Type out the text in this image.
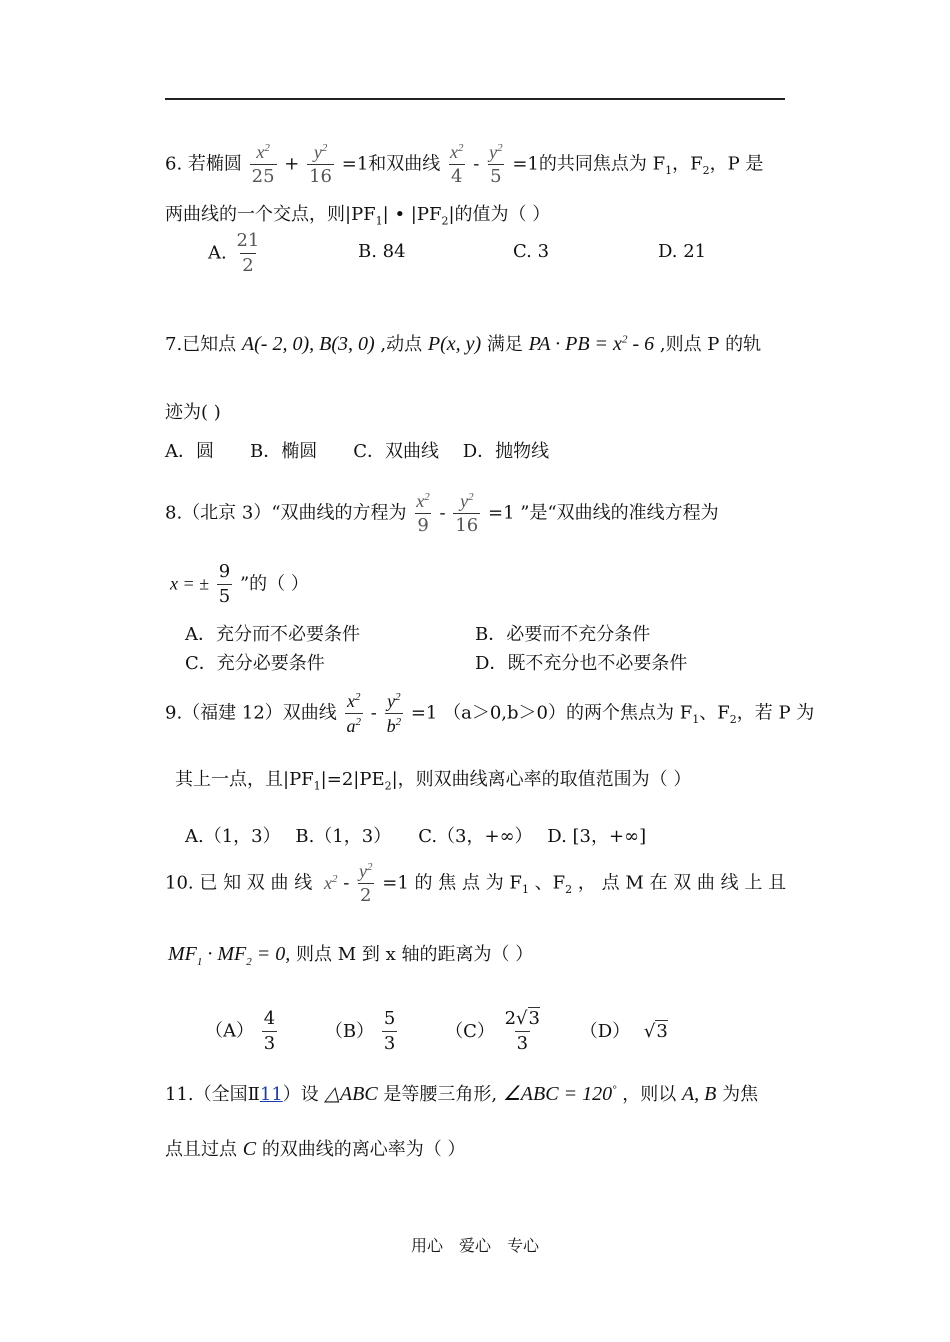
6. 若椭圆 $\frac{x^2}{25} + \frac{y^2}{16} =1$和双曲线 $\frac{x^2}{4} - \frac{y^2}{5} =1$的共同焦点为 $F_1$，$F_2$，P 是
两曲线的一个交点，则$|PF_1|$ • $|PF_2|$的值为（ ）
A. $\frac{21}{2}$	B. 84	C. 3	D. 21
7.已知点 A(- 2, 0), B(3, 0) ,动点 P(x, y) 满足 PA · PB = $x^2 - 6$ ,则点 P 的轨
迹为( )
A．圆　　B．椭圆　　C．双曲线　 D．抛物线
8.（北京 3）“双曲线的方程为 $\frac{x^2}{9} - \frac{y^2}{16} =1$ ”是“双曲线的准线方程为
x = ± $\frac{9}{5}$ ”的（ ）
A．充分而不必要条件	B．必要而不充分条件
C．充分必要条件	D．既不充分也不必要条件
9.（福建 12）双曲线 $\frac{x^2}{a^2} - \frac{y^2}{b^2} =1$ （a＞0,b＞0）的两个焦点为 $F_1$、$F_2$，若 P 为
其上一点，且$|PF_1|=2|PE_2|$，则双曲线离心率的取值范围为（ ）
A.（1，3）　 B.（1，3）　　C.（3，+∞）　 D. [3，+∞]
10. 已 知 双 曲 线 $x^2 - \frac{y^2}{2} =1$ 的 焦 点 为 $F_1$ 、$F_2$ ， 点 M 在 双 曲 线 上 且
$MF_1 \cdot MF_2 = 0$, 则点 M 到 x 轴的距离为（ ）
$(A) \frac{4}{3}$	$(B) \frac{5}{3}$	$(C) \frac{2√3}{3} (D)$ √3
11.（全国Ⅱ11）设 △ABC 是等腰三角形, ∠ABC = 120° ，则以 A, B 为焦
点且过点 C 的双曲线的离心率为（ ）
用心　爱心　专心
